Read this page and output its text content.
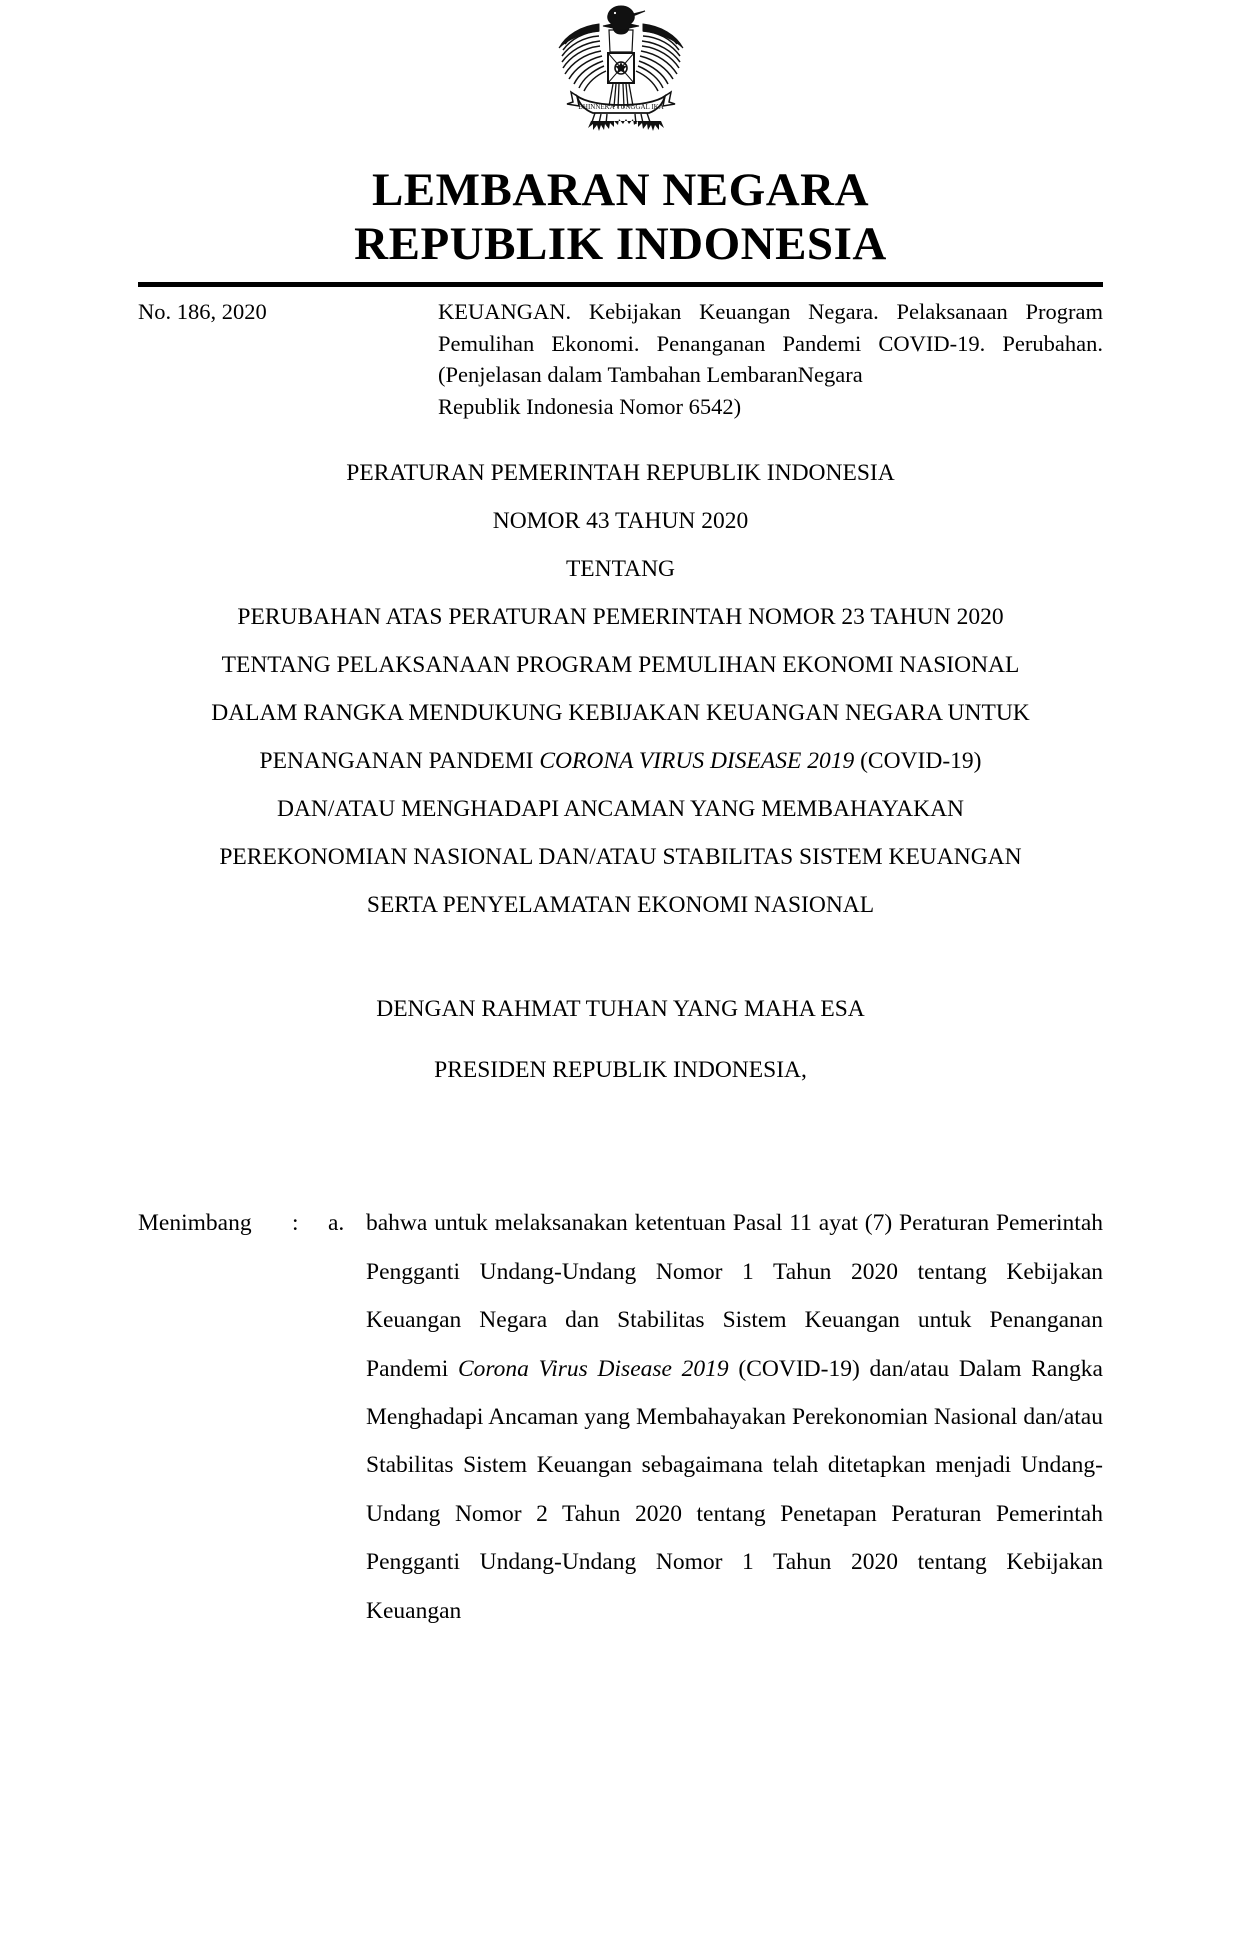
BHINNEKA TUNGGAL IKA
LEMBARAN NEGARA
REPUBLIK INDONESIA
No. 186, 2020	KEUANGAN. Kebijakan Keuangan Negara. Pelaksanaan Program Pemulihan Ekonomi. Penanganan Pandemi COVID-19. Perubahan. (Penjelasan dalam Tambahan LembaranNegara
Republik Indonesia Nomor 6542)
PERATURAN PEMERINTAH REPUBLIK INDONESIA
NOMOR 43 TAHUN 2020
TENTANG
PERUBAHAN ATAS PERATURAN PEMERINTAH NOMOR 23 TAHUN 2020
TENTANG PELAKSANAAN PROGRAM PEMULIHAN EKONOMI NASIONAL
DALAM RANGKA MENDUKUNG KEBIJAKAN KEUANGAN NEGARA UNTUK
PENANGANAN PANDEMI CORONA VIRUS DISEASE 2019 (COVID-19)
DAN/ATAU MENGHADAPI ANCAMAN YANG MEMBAHAYAKAN
PEREKONOMIAN NASIONAL DAN/ATAU STABILITAS SISTEM KEUANGAN
SERTA PENYELAMATAN EKONOMI NASIONAL
DENGAN RAHMAT TUHAN YANG MAHA ESA
PRESIDEN REPUBLIK INDONESIA,
Menimbang	:	a. bahwa untuk melaksanakan ketentuan Pasal 11 ayat (7) Peraturan Pemerintah Pengganti Undang-Undang Nomor 1 Tahun 2020 tentang Kebijakan Keuangan Negara dan Stabilitas Sistem Keuangan untuk Penanganan Pandemi Corona Virus Disease 2019 (COVID-19) dan/atau Dalam Rangka Menghadapi Ancaman yang Membahayakan Perekonomian Nasional dan/atau Stabilitas Sistem Keuangan sebagaimana telah ditetapkan menjadi Undang-Undang Nomor 2 Tahun 2020 tentang Penetapan Peraturan Pemerintah Pengganti Undang-Undang Nomor 1 Tahun 2020 tentang Kebijakan Keuangan
